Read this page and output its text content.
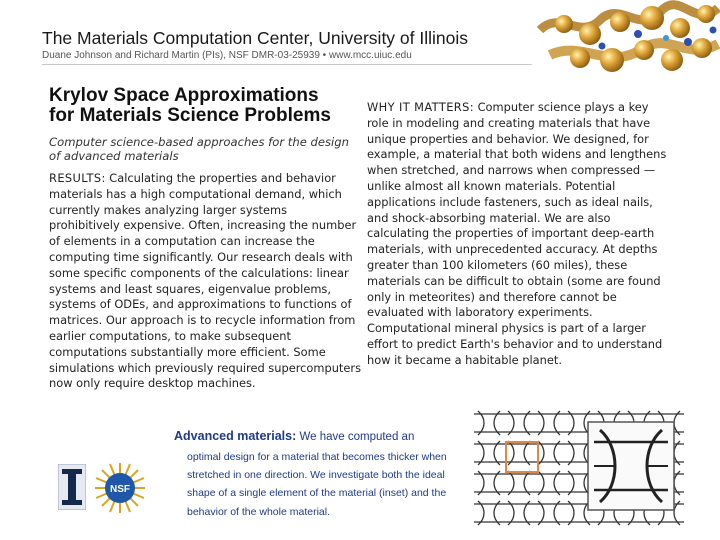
The Materials Computation Center, University of Illinois
Duane Johnson and Richard Martin (PIs), NSF DMR-03-25939 • www.mcc.uiuc.edu
Krylov Space Approximations
for Materials Science Problems
Computer science-based approaches for the design of advanced materials
RESULTS: Calculating the properties and behavior materials has a high computational demand, which currently makes analyzing larger systems prohibitively expensive. Often, increasing the number of elements in a computation can increase the computing time significantly. Our research deals with some specific components of the calculations: linear systems and least squares, eigenvalue problems, systems of ODEs, and approximations to functions of matrices. Our approach is to recycle information from earlier computations, to make subsequent computations substantially more efficient. Some simulations which previously required supercomputers now only require desktop machines.
WHY IT MATTERS: Computer science plays a key role in modeling and creating materials that have unique properties and behavior. We designed, for example, a material that both widens and lengthens when stretched, and narrows when compressed — unlike almost all known materials. Potential applications include fasteners, such as ideal nails, and shock-absorbing material. We are also calculating the properties of important deep-earth materials, with unprecedented accuracy. At depths greater than 100 kilometers (60 miles), these materials can be difficult to obtain (some are found only in meteorites) and therefore cannot be evaluated with laboratory experiments. Computational mineral physics is part of a larger effort to predict Earth's behavior and to understand how it became a habitable planet.
Advanced materials: We have computed an
optimal design for a material that becomes thicker when stretched in one direction. We investigate both the ideal shape of a single element of the material (inset) and the behavior of the whole material.
NSF
